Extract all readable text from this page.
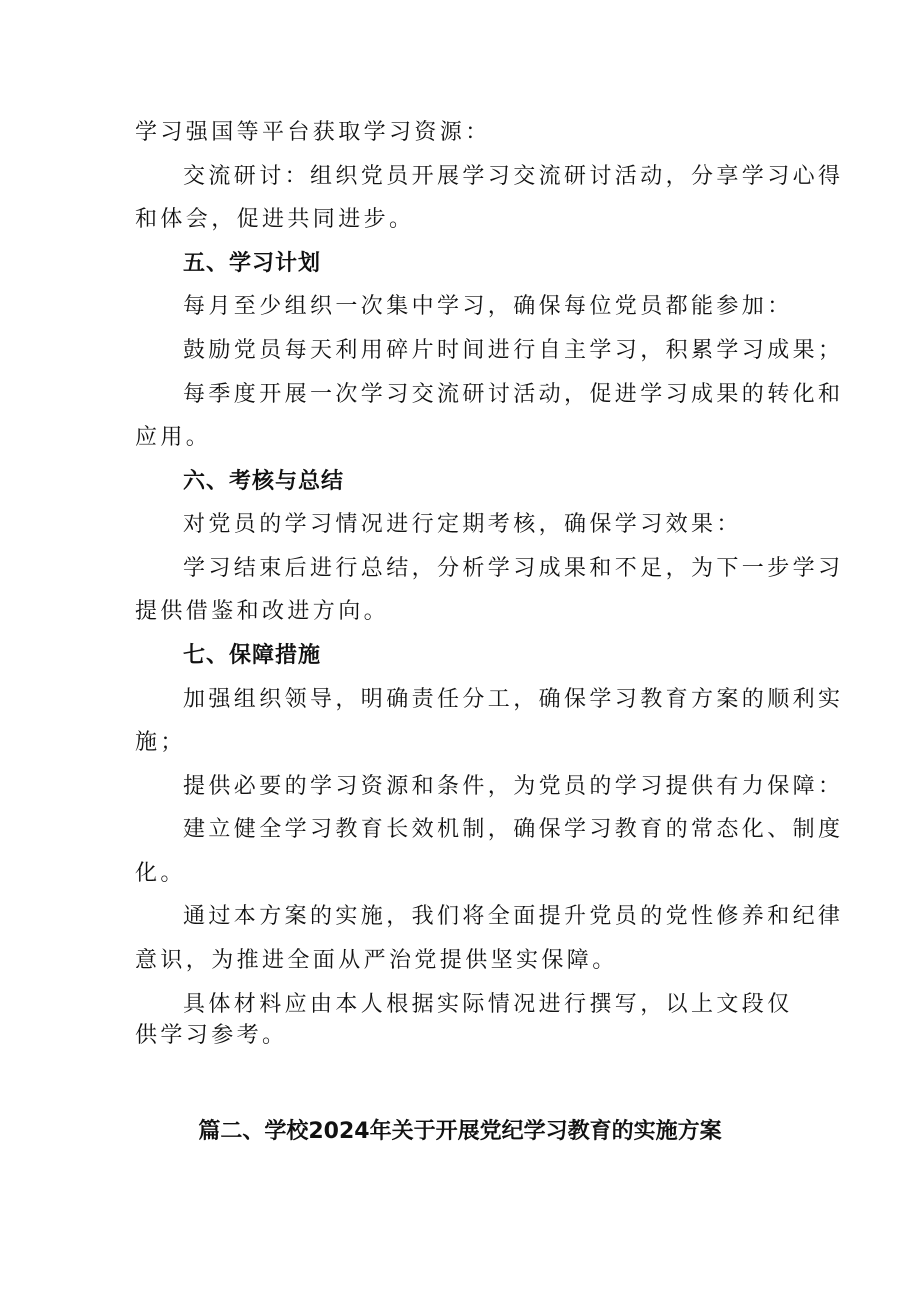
学习强国等平台获取学习资源：
交流研讨：组织党员开展学习交流研讨活动，分享学习心得
和体会，促进共同进步。
五、学习计划
每月至少组织一次集中学习，确保每位党员都能参加：
鼓励党员每天利用碎片时间进行自主学习，积累学习成果；
每季度开展一次学习交流研讨活动，促进学习成果的转化和
应用。
六、考核与总结
对党员的学习情况进行定期考核，确保学习效果：
学习结束后进行总结，分析学习成果和不足，为下一步学习
提供借鉴和改进方向。
七、保障措施
加强组织领导，明确责任分工，确保学习教育方案的顺利实
施；
提供必要的学习资源和条件，为党员的学习提供有力保障：
建立健全学习教育长效机制，确保学习教育的常态化、制度
化。
通过本方案的实施，我们将全面提升党员的党性修养和纪律
意识，为推进全面从严治党提供坚实保障。
具体材料应由本人根据实际情况进行撰写，以上文段仅
供学习参考。
篇二、学校2024年关于开展党纪学习教育的实施方案
